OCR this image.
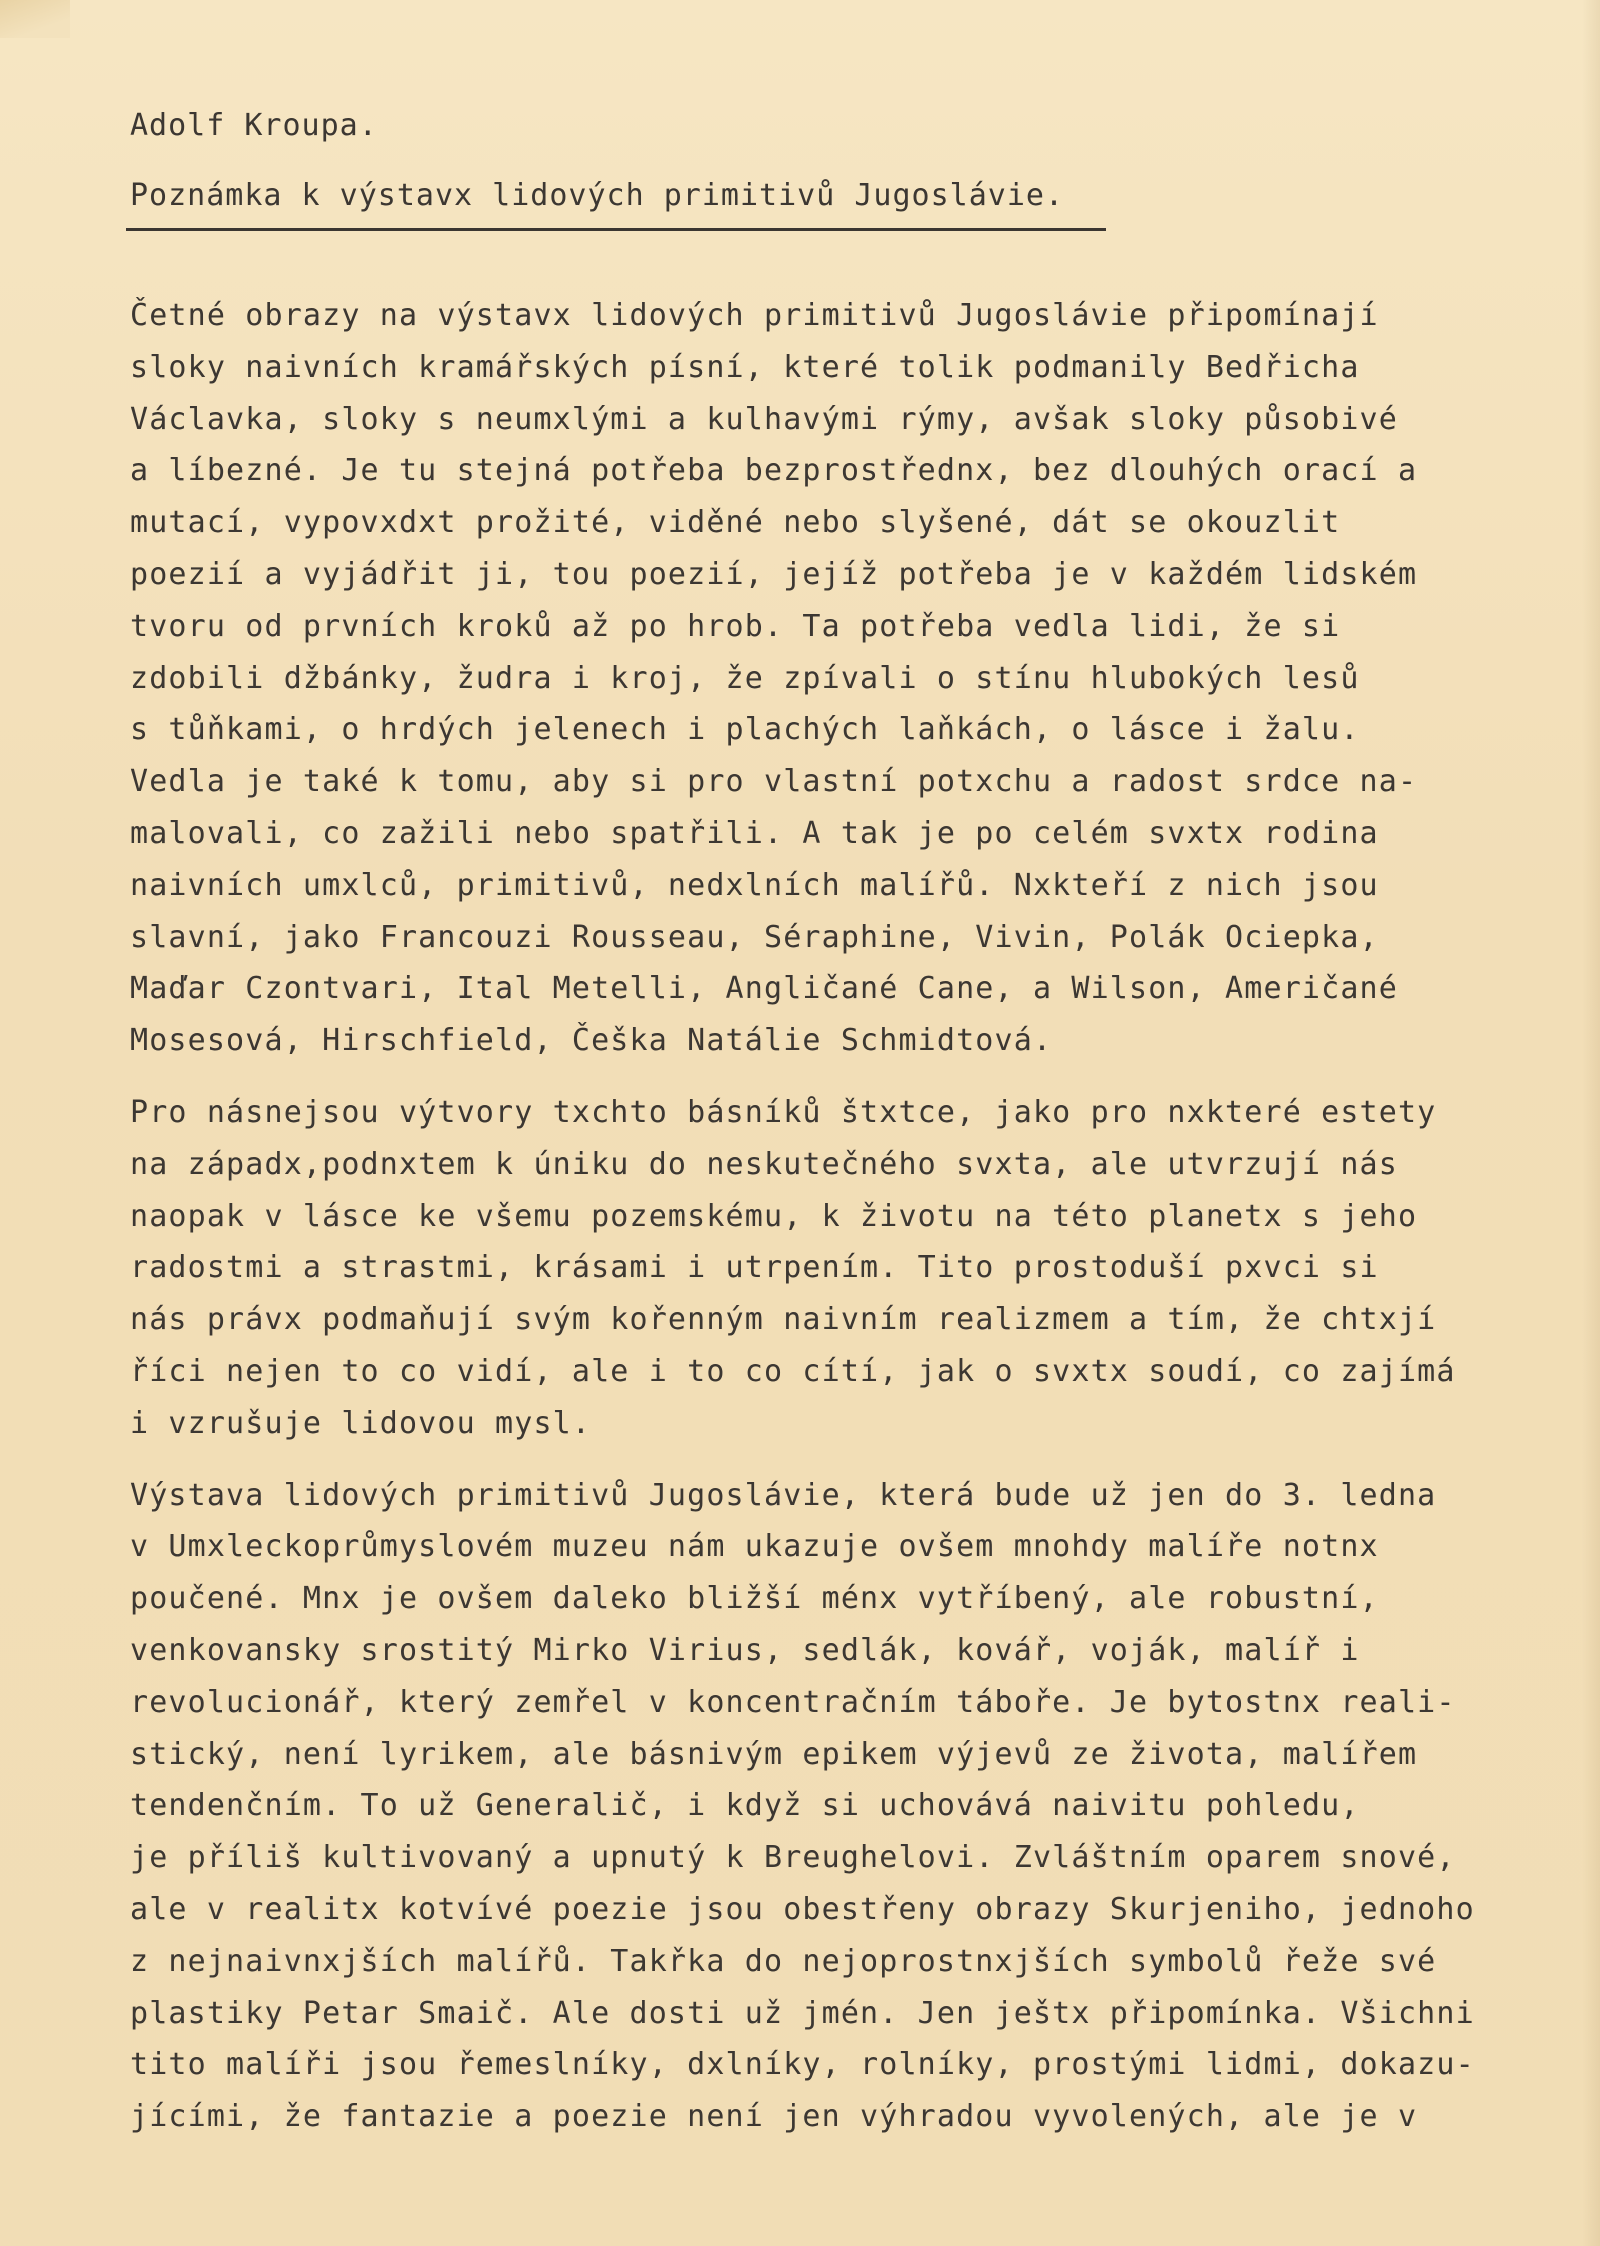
Adolf Kroupa.
Poznámka k výstavx lidových primitivů Jugoslávie.
Četné obrazy na výstavx lidových primitivů Jugoslávie připomínají
sloky naivních kramářských písní, které tolik podmanily Bedřicha
Václavka, sloky s neumxlými a kulhavými rýmy, avšak sloky působivé
a líbezné. Je tu stejná potřeba bezprostřednx, bez dlouhých orací a
mutací, vypovxdxt prožité, viděné nebo slyšené, dát se okouzlit
poezií a vyjádřit ji, tou poezií, jejíž potřeba je v každém lidském
tvoru od prvních kroků až po hrob. Ta potřeba vedla lidi, že si
zdobili džbánky, žudra i kroj, že zpívali o stínu hlubokých lesů
s tůňkami, o hrdých jelenech i plachých laňkách, o lásce i žalu.
Vedla je také k tomu, aby si pro vlastní potxchu a radost srdce na-
malovali, co zažili nebo spatřili. A tak je po celém svxtx rodina
naivních umxlců, primitivů, nedxlních malířů. Nxkteří z nich jsou
slavní, jako Francouzi Rousseau, Séraphine, Vivin, Polák Ociepka,
Maďar Czontvari, Ital Metelli, Angličané Cane, a Wilson, Američané
Mosesová, Hirschfield, Češka Natálie Schmidtová.
Pro násnejsou výtvory txchto básníků štxtce, jako pro nxkteré estety
na západx,podnxtem k úniku do neskutečného svxta, ale utvrzují nás
naopak v lásce ke všemu pozemskému, k životu na této planetx s jeho
radostmi a strastmi, krásami i utrpením. Tito prostoduší pxvci si
nás právx podmaňují svým kořenným naivním realizmem a tím, že chtxjí
říci nejen to co vidí, ale i to co cítí, jak o svxtx soudí, co zajímá
i vzrušuje lidovou mysl.
Výstava lidových primitivů Jugoslávie, která bude už jen do 3. ledna
v Umxleckoprůmyslovém muzeu nám ukazuje ovšem mnohdy malíře notnx
poučené. Mnx je ovšem daleko bližší ménx vytříbený, ale robustní,
venkovansky srostitý Mirko Virius, sedlák, kovář, voják, malíř i
revolucionář, který zemřel v koncentračním táboře. Je bytostnx reali-
stický, není lyrikem, ale básnivým epikem výjevů ze života, malířem
tendenčním. To už Generalič, i když si uchovává naivitu pohledu,
je příliš kultivovaný a upnutý k Breughelovi. Zvláštním oparem snové,
ale v realitx kotvívé poezie jsou obestřeny obrazy Skurjeniho, jednoho
z nejnaivnxjších malířů. Takřka do nejoprostnxjších symbolů řeže své
plastiky Petar Smaič. Ale dosti už jmén. Jen ještx připomínka. Všichni
tito malíři jsou řemeslníky, dxlníky, rolníky, prostými lidmi, dokazu-
jícími, že fantazie a poezie není jen výhradou vyvolených, ale je v
